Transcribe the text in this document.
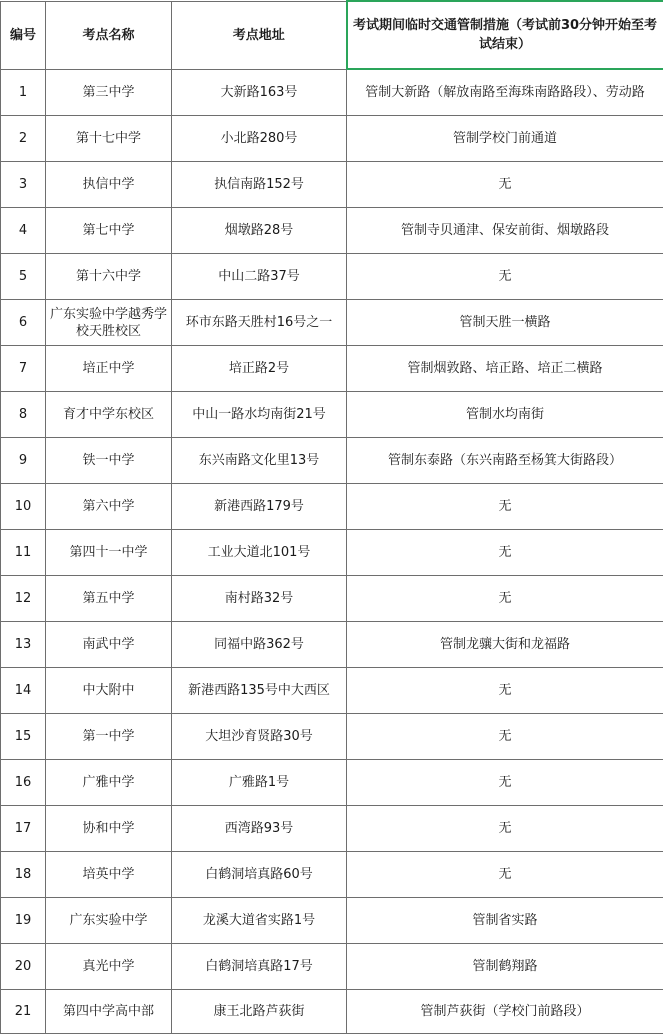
编号	考点名称	考点地址	考试期间临时交通管制措施（考试前30分钟开始至考试结束）
1	第三中学	大新路163号	管制大新路（解放南路至海珠南路路段）、劳动路
2	第十七中学	小北路280号	管制学校门前通道
3	执信中学	执信南路152号	无
4	第七中学	烟墩路28号	管制寺贝通津、保安前街、烟墩路段
5	第十六中学	中山二路37号	无
6	广东实验中学越秀学校天胜校区	环市东路天胜村16号之一	管制天胜一横路
7	培正中学	培正路2号	管制烟敦路、培正路、培正二横路
8	育才中学东校区	中山一路水均南街21号	管制水均南街
9	铁一中学	东兴南路文化里13号	管制东泰路（东兴南路至杨箕大街路段）
10	第六中学	新港西路179号	无
11	第四十一中学	工业大道北101号	无
12	第五中学	南村路32号	无
13	南武中学	同福中路362号	管制龙骧大街和龙福路
14	中大附中	新港西路135号中大西区	无
15	第一中学	大坦沙育贤路30号	无
16	广雅中学	广雅路1号	无
17	协和中学	西湾路93号	无
18	培英中学	白鹤洞培真路60号	无
19	广东实验中学	龙溪大道省实路1号	管制省实路
20	真光中学	白鹤洞培真路17号	管制鹤翔路
21	第四中学高中部	康王北路芦荻街	管制芦荻街（学校门前路段）
